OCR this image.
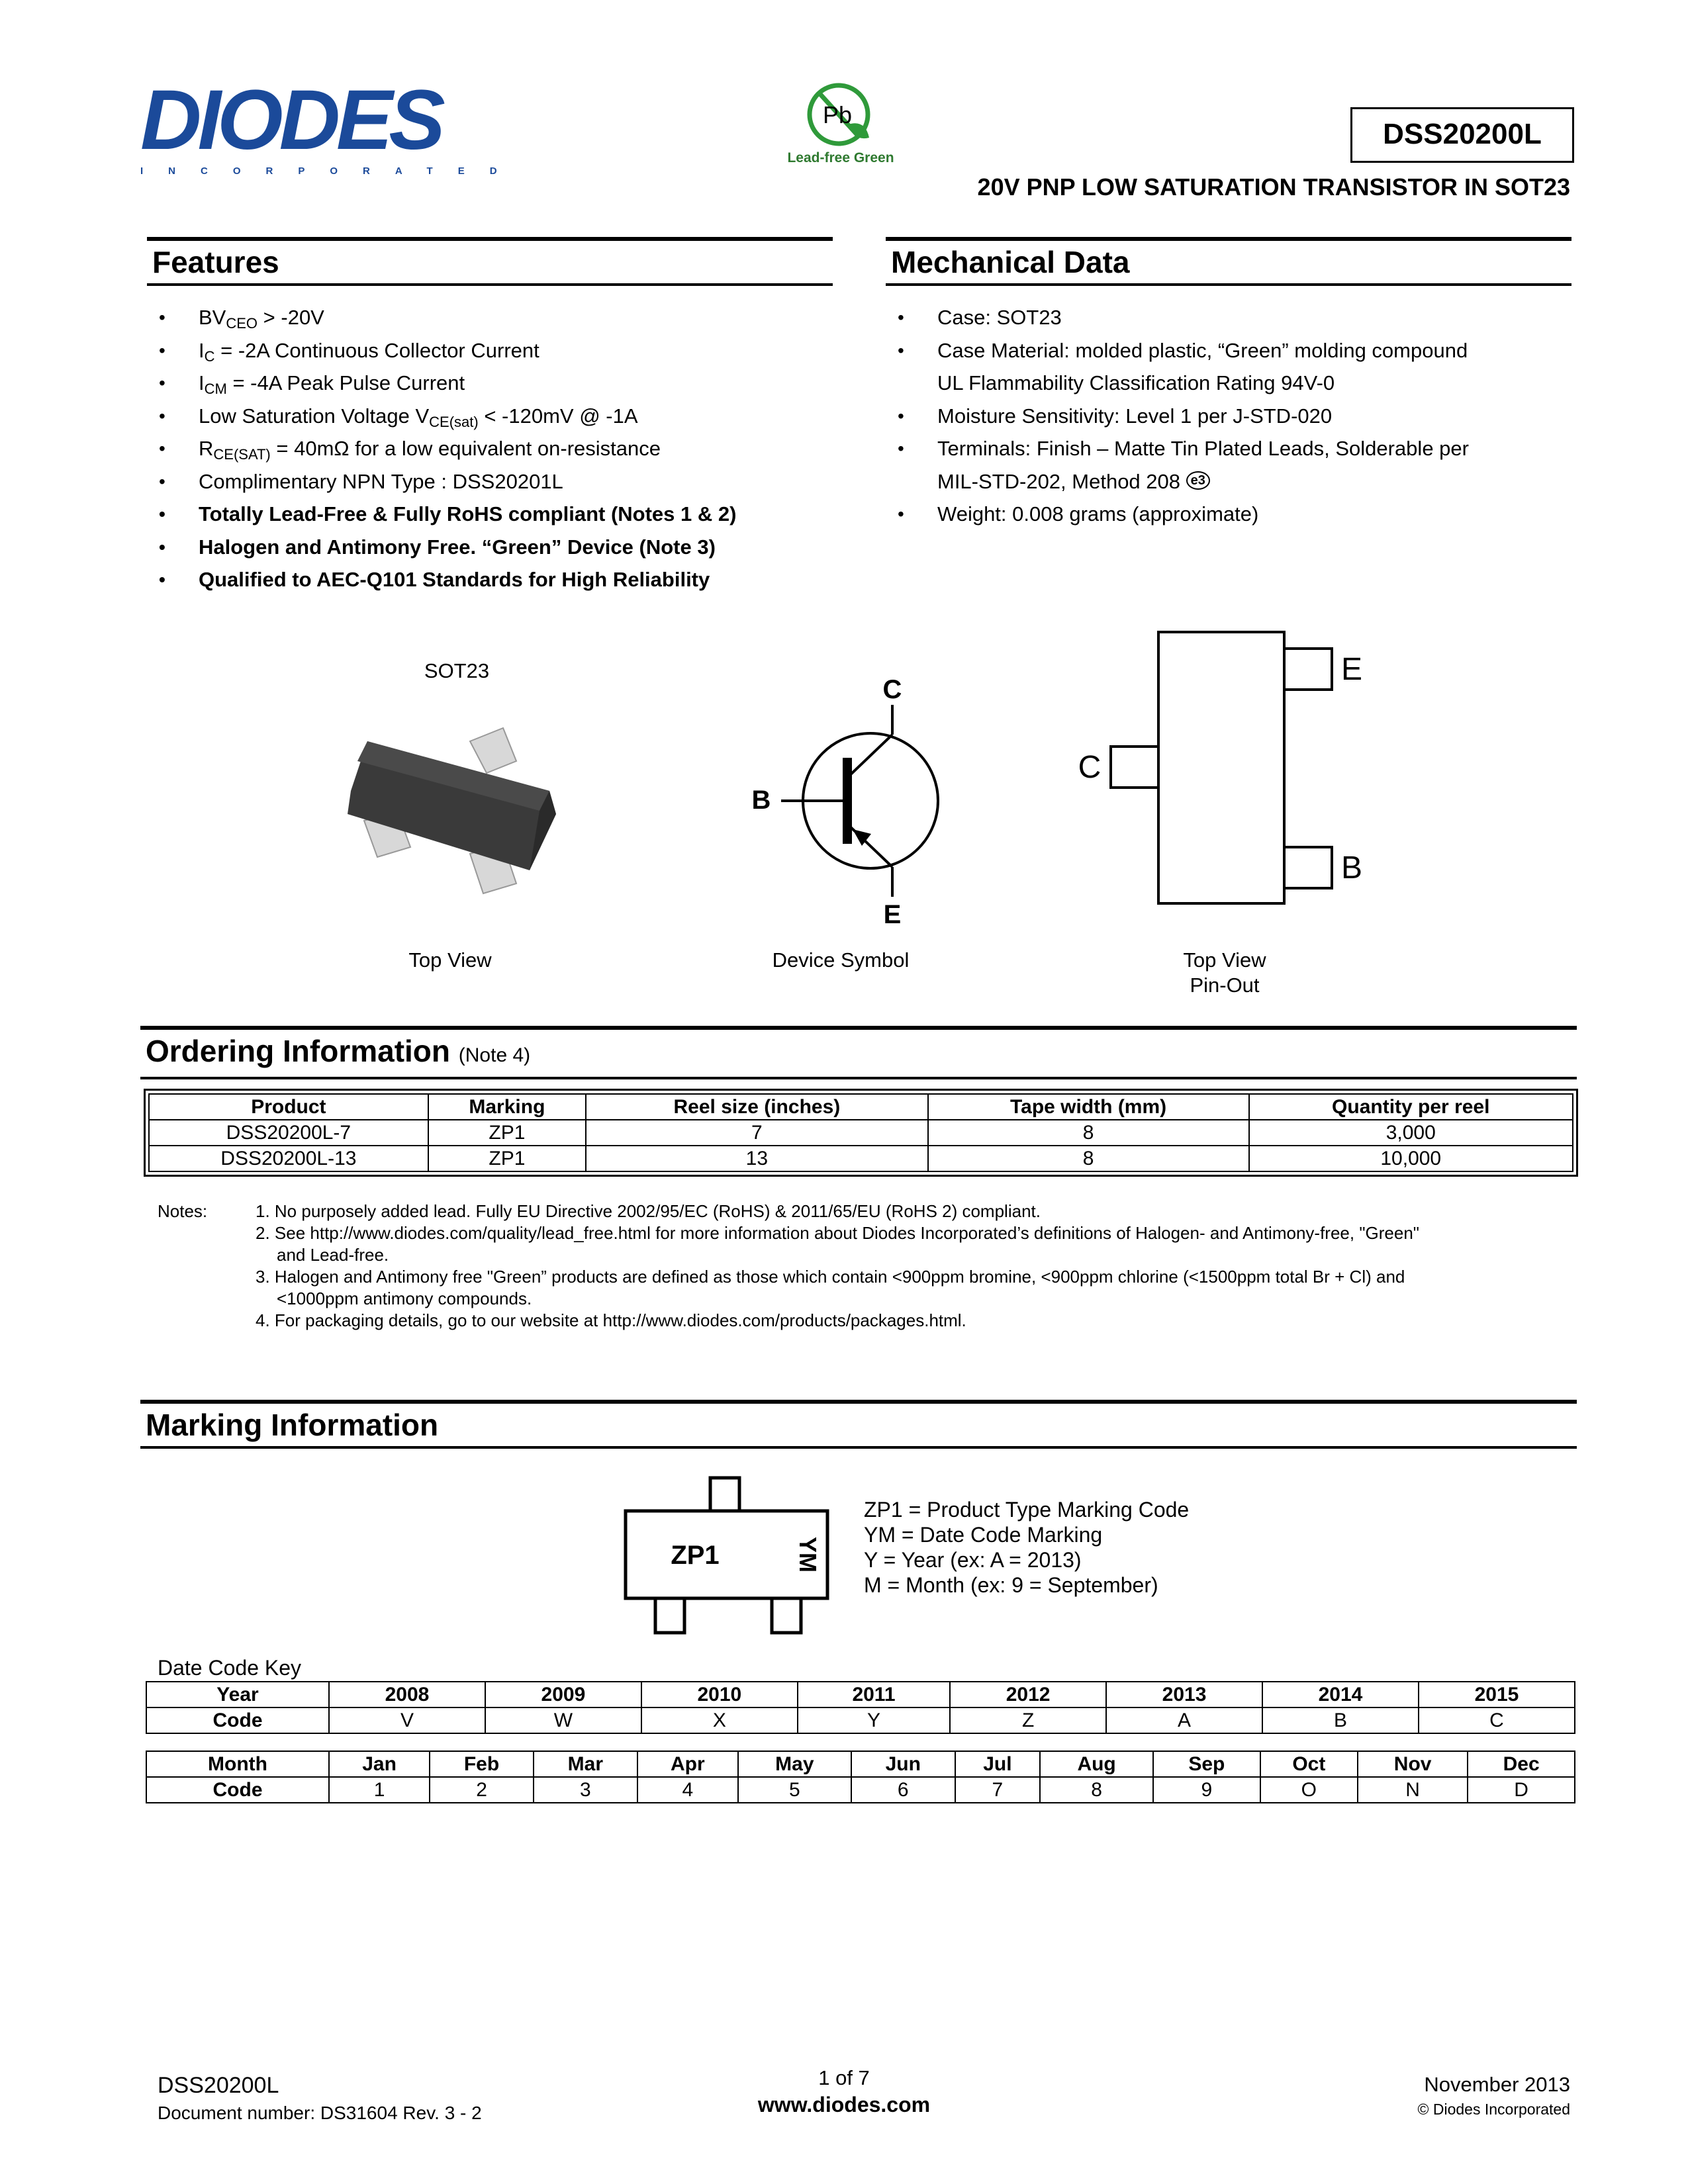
DIODES
INCORPORATED
Pb
Lead-free Green
DSS20200L
20V PNP LOW SATURATION TRANSISTOR IN SOT23
Features
• $BV_{CEO} > -20V$
• $I_C = -2A$ Continuous Collector Current
• $I_{CM} = -4A$ Peak Pulse Current
• Low Saturation Voltage $V_{CE(sat)} < -120mV$ @ -1A
• $R_{CE(SAT)} = 40m\Omega$ for a low equivalent on-resistance
• Complimentary NPN Type : DSS20201L
• Totally Lead-Free & Fully RoHS compliant (Notes 1 & 2)
• Halogen and Antimony Free. “Green” Device (Note 3)
• Qualified to AEC-Q101 Standards for High Reliability
Mechanical Data
• Case: SOT23
• Case Material: molded plastic, “Green” molding compound
UL Flammability Classification Rating 94V-0
• Moisture Sensitivity: Level 1 per J-STD-020
• Terminals: Finish – Matte Tin Plated Leads, Solderable per
MIL-STD-202, Method 208 e3
• Weight: 0.008 grams (approximate)
SOT23
Top View
C
B
E
Device Symbol
E
B
C
Top View
Pin-Out
Ordering Information (Note 4)
Product	Marking	Reel size (inches)	Tape width (mm)	Quantity per reel
DSS20200L-7	ZP1	7	8	3,000
DSS20200L-13	ZP1	13	8	10,000
Notes:	1. No purposely added lead. Fully EU Directive 2002/95/EC (RoHS) & 2011/65/EU (RoHS 2) compliant.
2. See http://www.diodes.com/quality/lead_free.html for more information about Diodes Incorporated’s definitions of Halogen- and Antimony-free, "Green"
and Lead-free.
3. Halogen and Antimony free "Green” products are defined as those which contain <900ppm bromine, <900ppm chlorine (<1500ppm total Br + Cl) and
<1000ppm antimony compounds.
4. For packaging details, go to our website at http://www.diodes.com/products/packages.html.
Marking Information
ZP1	YM
ZP1 = Product Type Marking Code
YM = Date Code Marking
Y = Year (ex: A = 2013)
M = Month (ex: 9 = September)
Date Code Key
Year	2008	2009	2010	2011	2012	2013	2014	2015
Code	V	W	X	Y	Z	A	B	C
Month	Jan	Feb	Mar	Apr	May	Jun	Jul	Aug	Sep	Oct	Nov	Dec
Code	1	2	3	4	5	6	7	8	9	O	N	D
DSS20200L
Document number: DS31604 Rev. 3 - 2
1 of 7
www.diodes.com
November 2013
© Diodes Incorporated
